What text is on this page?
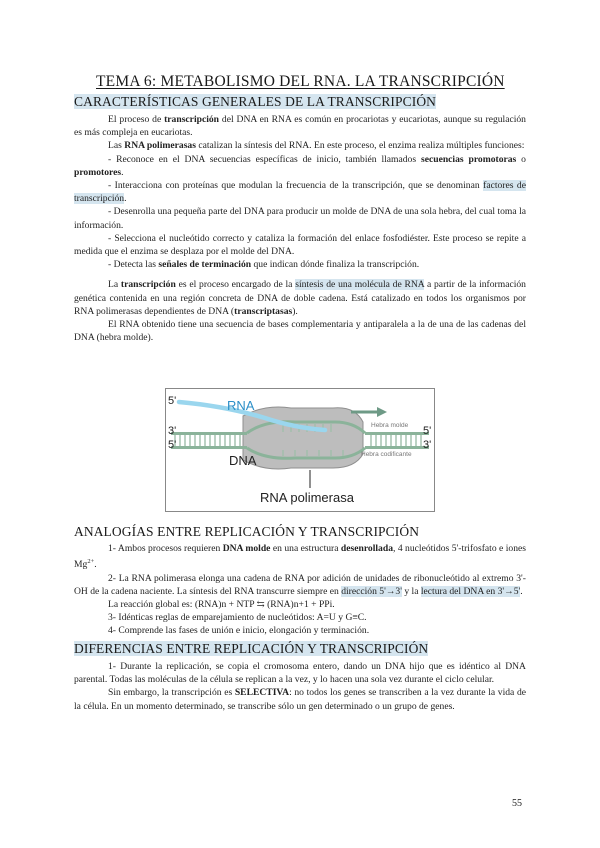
TEMA 6: METABOLISMO DEL RNA. LA TRANSCRIPCIÓN
CARACTERÍSTICAS GENERALES DE LA TRANSCRIPCIÓN

El proceso de transcripción del DNA en RNA es común en procariotas y eucariotas, aunque su regulación es más compleja en eucariotas.

Las RNA polimerasas catalizan la síntesis del RNA. En este proceso, el enzima realiza múltiples funciones:

- Reconoce en el DNA secuencias específicas de inicio, también llamados secuencias promotoras o promotores.

- Interacciona con proteínas que modulan la frecuencia de la transcripción, que se denominan factores de transcripción.

- Desenrolla una pequeña parte del DNA para producir un molde de DNA de una sola hebra, del cual toma la información.

- Selecciona el nucleótido correcto y cataliza la formación del enlace fosfodiéster. Este proceso se repite a medida que el enzima se desplaza por el molde del DNA.

- Detecta las señales de terminación que indican dónde finaliza la transcripción.

La transcripción es el proceso encargado de la síntesis de una molécula de RNA a partir de la información genética contenida en una región concreta de DNA de doble cadena. Está catalizado en todos los organismos por RNA polimerasas dependientes de DNA (transcriptasas).

El RNA obtenido tiene una secuencia de bases complementaria y antiparalela a la de una de las cadenas del DNA (hebra molde).

5'	RNA
3'
5'
5'
3'
Hebra molde
Hebra codificante
DNA
RNA polimerasa
ANALOGÍAS ENTRE REPLICACIÓN Y TRANSCRIPCIÓN

1- Ambos procesos requieren DNA molde en una estructura desenrollada, 4 nucleótidos 5'-trifosfato e iones $Mg^{2+}$.

2- La RNA polimerasa elonga una cadena de RNA por adición de unidades de ribonucleótido al extremo 3'-OH de la cadena naciente. La síntesis del RNA transcurre siempre en dirección 5'→3' y la lectura del DNA en 3'→5'.

La reacción global es: (RNA)n + NTP ⇆ (RNA)n+1 + PPi.

3- Idénticas reglas de emparejamiento de nucleótidos: A=U y G≡C.

4- Comprende las fases de unión e inicio, elongación y terminación.

DIFERENCIAS ENTRE REPLICACIÓN Y TRANSCRIPCIÓN

1- Durante la replicación, se copia el cromosoma entero, dando un DNA hijo que es idéntico al DNA parental. Todas las moléculas de la célula se replican a la vez, y lo hacen una sola vez durante el ciclo celular.

Sin embargo, la transcripción es SELECTIVA: no todos los genes se transcriben a la vez durante la vida de la célula. En un momento determinado, se transcribe sólo un gen determinado o un grupo de genes.

55
